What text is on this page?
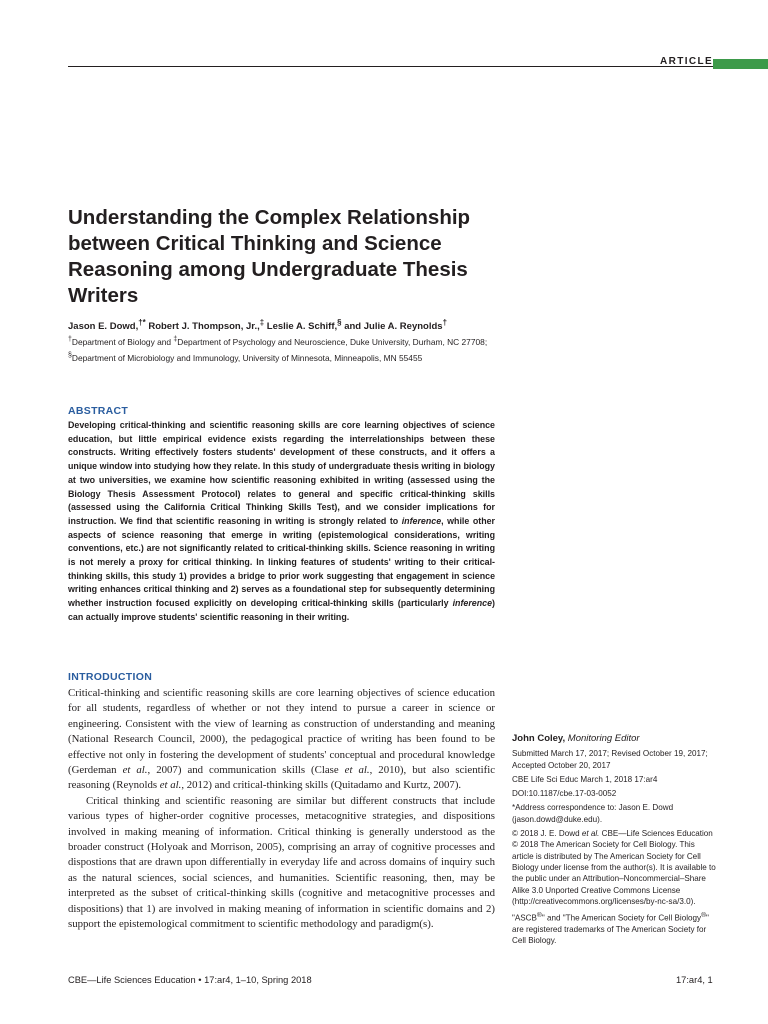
ARTICLE
Understanding the Complex Relationship between Critical Thinking and Science Reasoning among Undergraduate Thesis Writers
Jason E. Dowd,†* Robert J. Thompson, Jr.,‡ Leslie A. Schiff,§ and Julie A. Reynolds†

†Department of Biology and ‡Department of Psychology and Neuroscience, Duke University, Durham, NC 27708; §Department of Microbiology and Immunology, University of Minnesota, Minneapolis, MN 55455

ABSTRACT

Developing critical-thinking and scientific reasoning skills are core learning objectives of science education, but little empirical evidence exists regarding the interrelationships between these constructs. Writing effectively fosters students' development of these constructs, and it offers a unique window into studying how they relate. In this study of undergraduate thesis writing in biology at two universities, we examine how scientific reasoning exhibited in writing (assessed using the Biology Thesis Assessment Protocol) relates to general and specific critical-thinking skills (assessed using the California Critical Thinking Skills Test), and we consider implications for instruction. We find that scientific reasoning in writing is strongly related to inference, while other aspects of science reasoning that emerge in writing (epistemological considerations, writing conventions, etc.) are not significantly related to critical-thinking skills. Science reasoning in writing is not merely a proxy for critical thinking. In linking features of students' writing to their critical-thinking skills, this study 1) provides a bridge to prior work suggesting that engagement in science writing enhances critical thinking and 2) serves as a foundational step for subsequently determining whether instruction focused explicitly on developing critical-thinking skills (particularly inference) can actually improve students' scientific reasoning in their writing.

INTRODUCTION

Critical-thinking and scientific reasoning skills are core learning objectives of science education for all students, regardless of whether or not they intend to pursue a career in science or engineering. Consistent with the view of learning as construction of understanding and meaning (National Research Council, 2000), the pedagogical practice of writing has been found to be effective not only in fostering the development of students' conceptual and procedural knowledge (Gerdeman et al., 2007) and communication skills (Clase et al., 2010), but also scientific reasoning (Reynolds et al., 2012) and critical-thinking skills (Quitadamo and Kurtz, 2007).

Critical thinking and scientific reasoning are similar but different constructs that include various types of higher-order cognitive processes, metacognitive strategies, and dispositions involved in making meaning of information. Critical thinking is generally understood as the broader construct (Holyoak and Morrison, 2005), comprising an array of cognitive processes and dispostions that are drawn upon differentially in everyday life and across domains of inquiry such as the natural sciences, social sciences, and humanities. Scientific reasoning, then, may be interpreted as the subset of critical-thinking skills (cognitive and metacognitive processes and dispositions) that 1) are involved in making meaning of information in scientific domains and 2) support the epistemological commitment to scientific methodology and paradigm(s).

John Coley, Monitoring Editor

Submitted March 17, 2017; Revised October 19, 2017; Accepted October 20, 2017

CBE Life Sci Educ March 1, 2018 17:ar4

DOI:10.1187/cbe.17-03-0052

*Address correspondence to: Jason E. Dowd (jason.dowd@duke.edu).

© 2018 J. E. Dowd et al. CBE—Life Sciences Education © 2018 The American Society for Cell Biology. This article is distributed by The American Society for Cell Biology under license from the author(s). It is available to the public under an Attribution–Noncommercial–Share Alike 3.0 Unported Creative Commons License (http://creativecommons.org/licenses/by-nc-sa/3.0).

"ASCB®" and "The American Society for Cell Biology®" are registered trademarks of The American Society for Cell Biology.

CBE—Life Sciences Education • 17:ar4, 1–10, Spring 2018	17:ar4, 1
